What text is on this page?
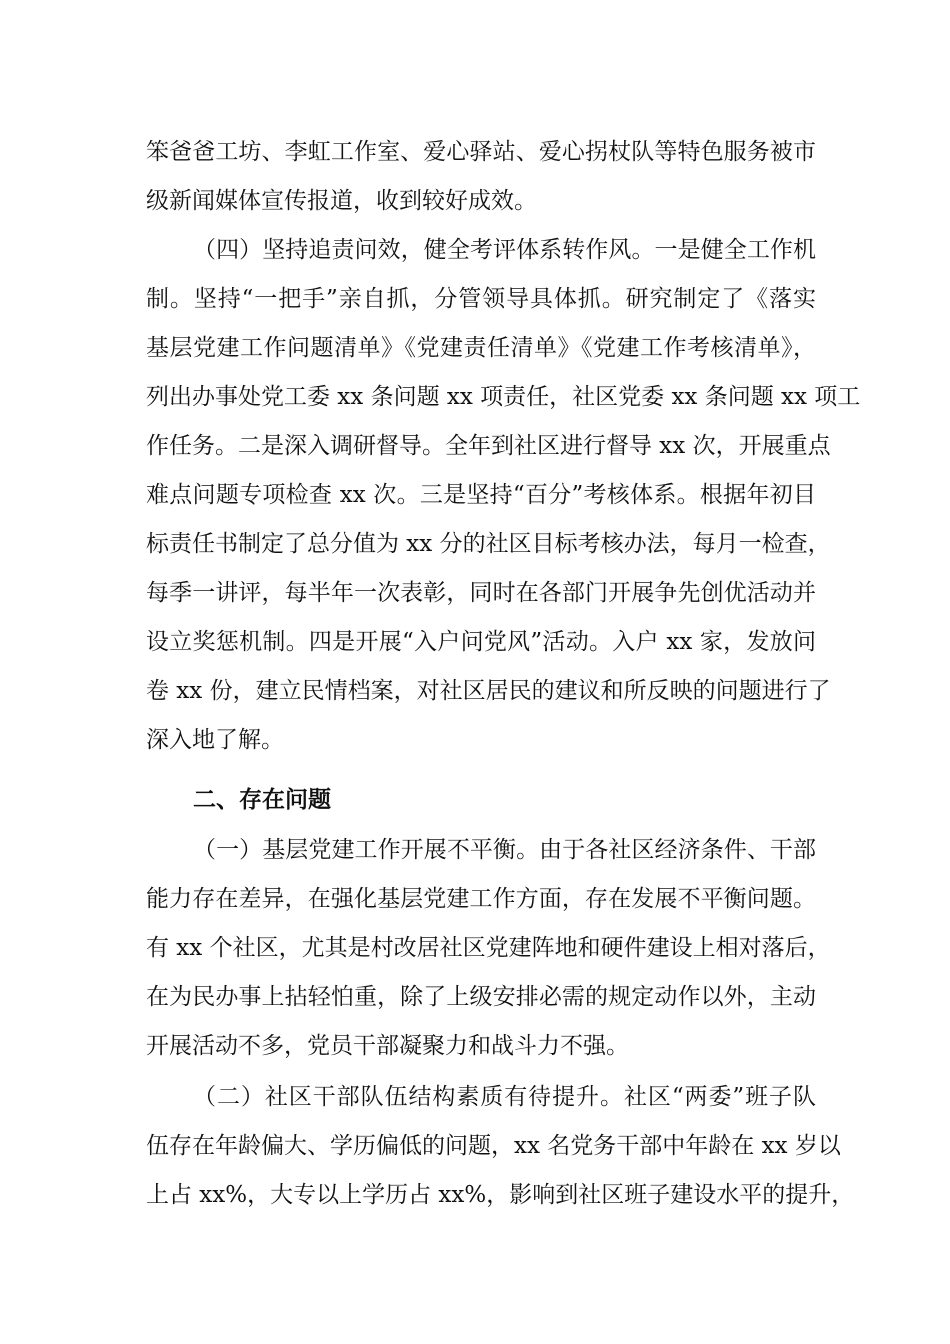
笨爸爸工坊、李虹工作室、爱心驿站、爱心拐杖队等特色服务被市
级新闻媒体宣传报道，收到较好成效。
（四）坚持追责问效，健全考评体系转作风。一是健全工作机
制。坚持“一把手”亲自抓，分管领导具体抓。研究制定了《落实
基层党建工作问题清单》《党建责任清单》《党建工作考核清单》，
列出办事处党工委 xx 条问题 xx 项责任，社区党委 xx 条问题 xx 项工
作任务。二是深入调研督导。全年到社区进行督导 xx 次，开展重点
难点问题专项检查 xx 次。三是坚持“百分”考核体系。根据年初目
标责任书制定了总分值为 xx 分的社区目标考核办法，每月一检查，
每季一讲评，每半年一次表彰，同时在各部门开展争先创优活动并
设立奖惩机制。四是开展“入户问党风”活动。入户 xx 家，发放问
卷 xx 份，建立民情档案，对社区居民的建议和所反映的问题进行了
深入地了解。
二、存在问题
（一）基层党建工作开展不平衡。由于各社区经济条件、干部
能力存在差异，在强化基层党建工作方面，存在发展不平衡问题。
有 xx 个社区，尤其是村改居社区党建阵地和硬件建设上相对落后，
在为民办事上拈轻怕重，除了上级安排必需的规定动作以外，主动
开展活动不多，党员干部凝聚力和战斗力不强。
（二）社区干部队伍结构素质有待提升。社区“两委”班子队
伍存在年龄偏大、学历偏低的问题，xx 名党务干部中年龄在 xx 岁以
上占 xx%，大专以上学历占 xx%，影响到社区班子建设水平的提升，
